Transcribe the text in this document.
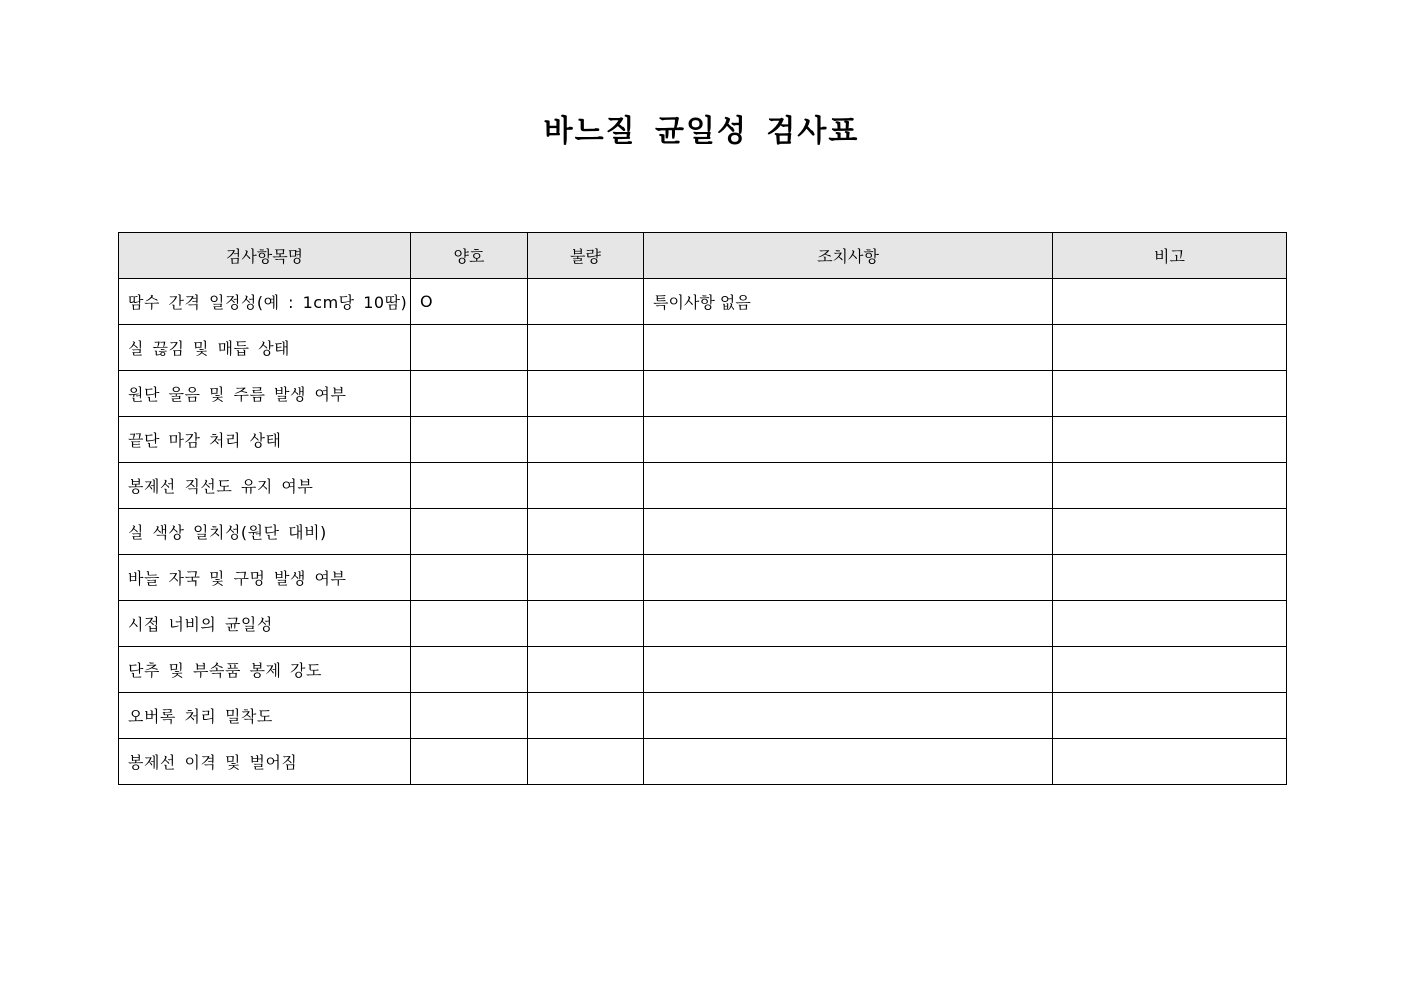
바느질 균일성 검사표
검사항목명	양호	불량	조치사항	비고
땀수 간격 일정성(예 : 1cm당 10땀)	O		특이사항 없음	
실 끊김 및 매듭 상태				
원단 울음 및 주름 발생 여부				
끝단 마감 처리 상태				
봉제선 직선도 유지 여부				
실 색상 일치성(원단 대비)				
바늘 자국 및 구멍 발생 여부				
시접 너비의 균일성				
단추 및 부속품 봉제 강도				
오버록 처리 밀착도				
봉제선 이격 및 벌어짐				
